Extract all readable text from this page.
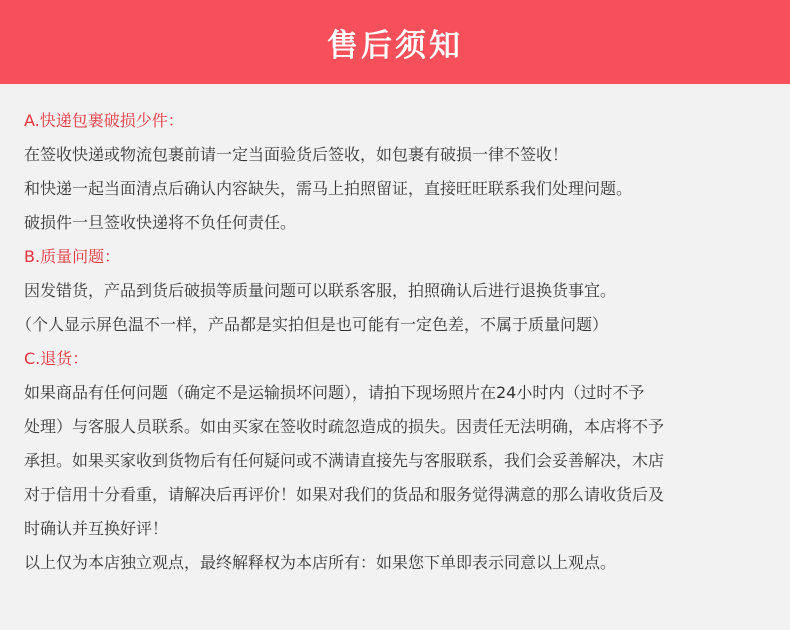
售后须知
A.快递包裹破损少件：
在签收快递或物流包裹前请一定当面验货后签收，如包裹有破损一律不签收！
和快递一起当面清点后确认内容缺失，需马上拍照留证，直接旺旺联系我们处理问题。
破损件一旦签收快递将不负任何责任。
B.质量问题：
因发错货，产品到货后破损等质量问题可以联系客服，拍照确认后进行退换货事宜。
（个人显示屏色温不一样，产品都是实拍但是也可能有一定色差，不属于质量问题）
C.退货：
如果商品有任何问题（确定不是运输损坏问题），请拍下现场照片在24小时内（过时不予
处理）与客服人员联系。如由买家在签收时疏忽造成的损失。因责任无法明确，本店将不予
承担。如果买家收到货物后有任何疑问或不满请直接先与客服联系，我们会妥善解决，木店
对于信用十分看重，请解决后再评价！如果对我们的货品和服务觉得满意的那么请收货后及
时确认并互换好评！
以上仅为本店独立观点，最终解释权为本店所有：如果您下单即表示同意以上观点。
